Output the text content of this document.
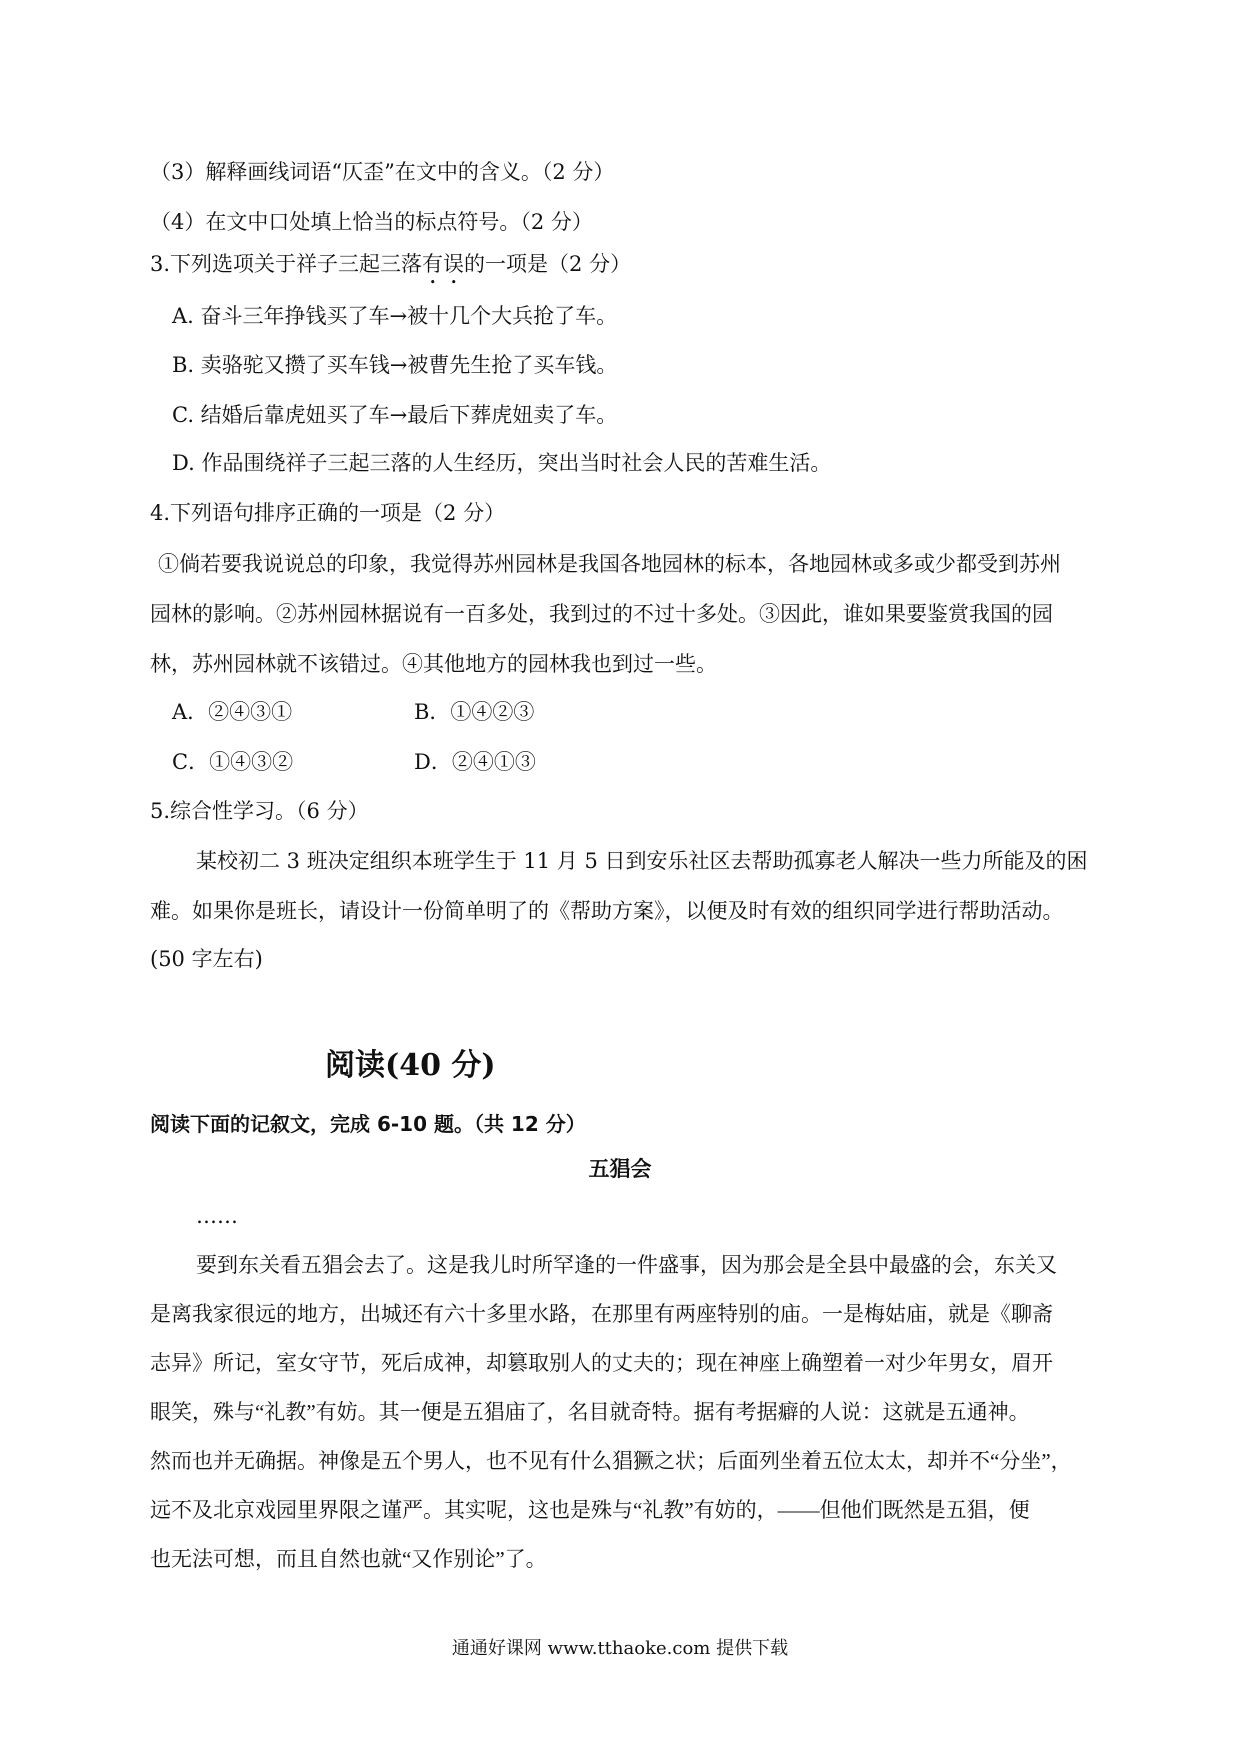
（3）解释画线词语“仄歪”在文中的含义。（2 分）
（4）在文中口处填上恰当的标点符号。（2 分）
3.下列选项关于祥子三起三落有误的一项是（2 分）
A. 奋斗三年挣钱买了车→被十几个大兵抢了车。
B. 卖骆驼又攒了买车钱→被曹先生抢了买车钱。
C. 结婚后靠虎妞买了车→最后下葬虎妞卖了车。
D. 作品围绕祥子三起三落的人生经历，突出当时社会人民的苦难生活。
4.下列语句排序正确的一项是（2 分）
①倘若要我说说总的印象，我觉得苏州园林是我国各地园林的标本，各地园林或多或少都受到苏州
园林的影响。②苏州园林据说有一百多处，我到过的不过十多处。③因此，谁如果要鉴赏我国的园
林，苏州园林就不该错过。④其他地方的园林我也到过一些。
A．②④③①	B．①④②③
C．①④③②	D．②④①③
5.综合性学习。（6 分）
某校初二 3 班决定组织本班学生于 11 月 5 日到安乐社区去帮助孤寡老人解决一些力所能及的困
难。如果你是班长，请设计一份简单明了的《帮助方案》，以便及时有效的组织同学进行帮助活动。
(50 字左右)
阅读(40 分)
阅读下面的记叙文，完成 6-10 题。（共 12 分）
五猖会
……
要到东关看五猖会去了。这是我儿时所罕逢的一件盛事，因为那会是全县中最盛的会，东关又
是离我家很远的地方，出城还有六十多里水路，在那里有两座特别的庙。一是梅姑庙，就是《聊斋
志异》所记，室女守节，死后成神，却篡取别人的丈夫的；现在神座上确塑着一对少年男女，眉开
眼笑，殊与“礼教”有妨。其一便是五猖庙了，名目就奇特。据有考据癖的人说：这就是五通神。
然而也并无确据。神像是五个男人，也不见有什么猖獗之状；后面列坐着五位太太，却并不“分坐”，
远不及北京戏园里界限之谨严。其实呢，这也是殊与“礼教”有妨的，——但他们既然是五猖，便
也无法可想，而且自然也就“又作别论”了。
通通好课网 www.tthaoke.com 提供下载
